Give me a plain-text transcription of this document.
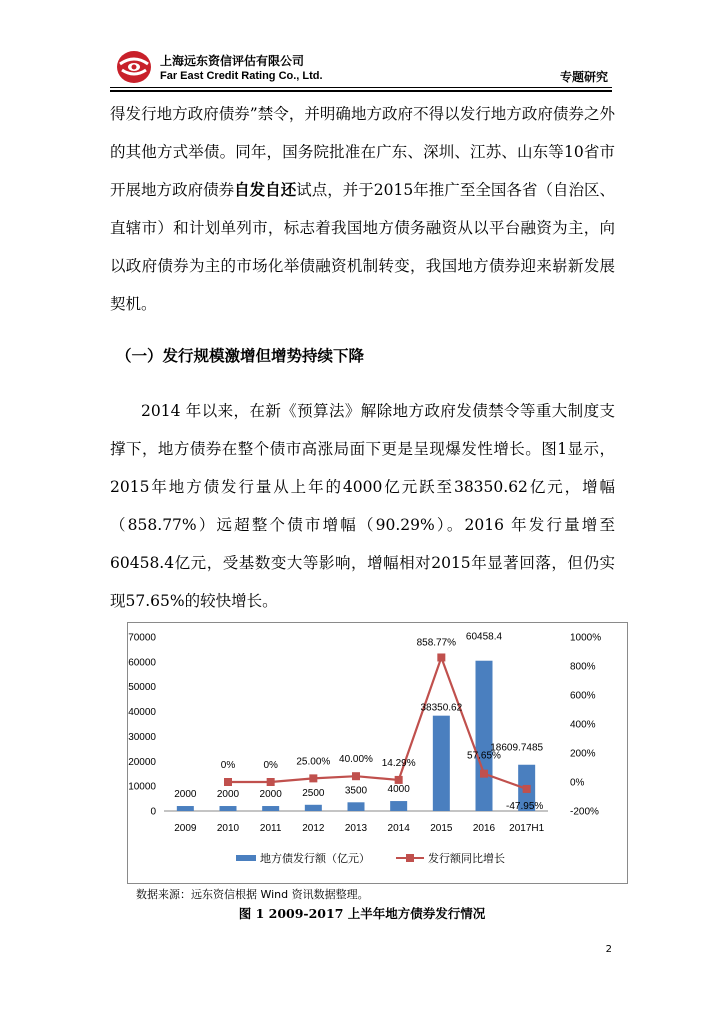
上海远东资信评估有限公司
Far East Credit Rating Co., Ltd.	专题研究

得发行地方政府债券”禁令，并明确地方政府不得以发行地方政府债券之外的其他方式举债。同年，国务院批准在广东、深圳、江苏、山东等10省市开展地方政府债券自发自还试点，并于2015年推广至全国各省（自治区、直辖市）和计划单列市，标志着我国地方债务融资从以平台融资为主，向以政府债券为主的市场化举债融资机制转变，我国地方债券迎来崭新发展契机。

（一）发行规模激增但增势持续下降

2014 年以来，在新《预算法》解除地方政府发债禁令等重大制度支撑下，地方债券在整个债市高涨局面下更是呈现爆发性增长。图1显示，2015年地方债发行量从上年的4000亿元跃至38350.62亿元，增幅（858.77%）远超整个债市增幅（90.29%）。2016 年发行量增至60458.4亿元，受基数变大等影响，增幅相对2015年显著回落，但仍实现57.65%的较快增长。

0
10000
20000
30000
40000
50000
60000
70000
-200%
0%
200%
400%
600%
800%
1000%
2009 2010 2011 2012 2013 2014 2015 2016 2017H1
2000 2000 2000 2500 3500 4000
38350.62
60458.4
18609.7485
0%	0% 25.00% 40.00% 14.29%
858.77%
57.65%
-47.95%
地方债发行额（亿元）	发行额同比增长
数据来源：远东资信根据 Wind 资讯数据整理。
图 1 2009-2017 上半年地方债券发行情况
2
